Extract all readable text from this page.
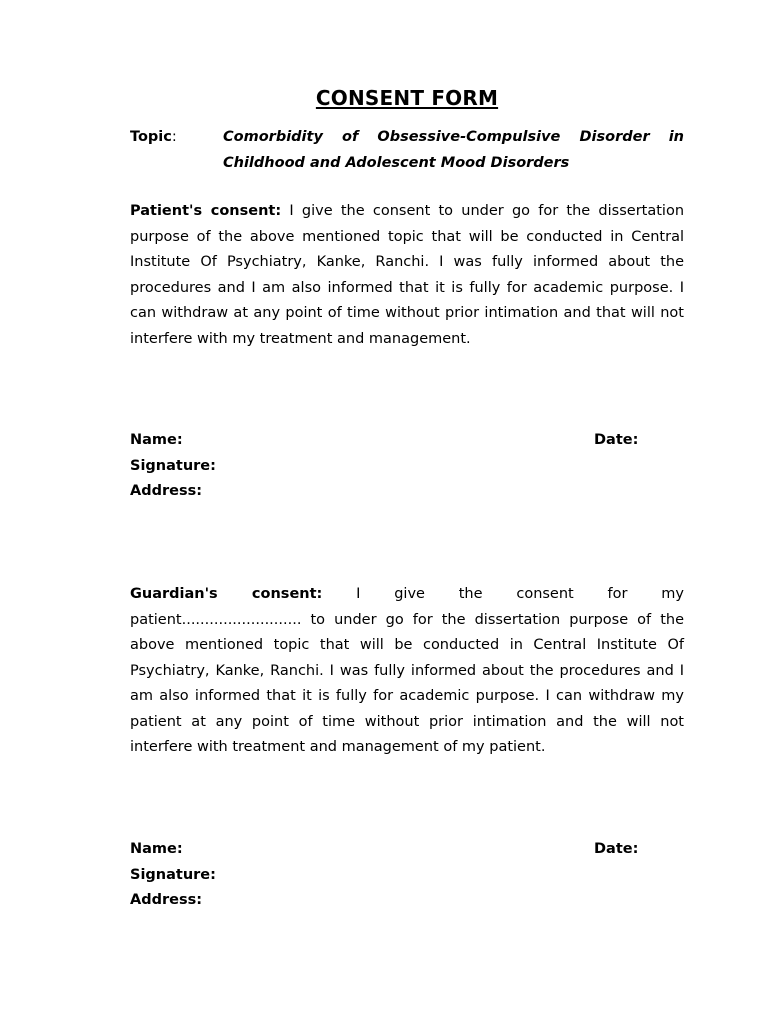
CONSENT FORM
Topic:	Comorbidity of Obsessive-Compulsive Disorder in
Childhood and Adolescent Mood Disorders
Patient's consent: I give the consent to under go for the dissertation purpose of the above mentioned topic that will be conducted in Central Institute Of Psychiatry, Kanke, Ranchi. I was fully informed about the procedures and I am also informed that it is fully for academic purpose. I can withdraw at any point of time without prior intimation and that will not interfere with my treatment and management.
Name:	Date:
Signature:
Address:
Guardian's consent: I give the consent for my
patient.......................... to under go for the dissertation purpose of the above mentioned topic that will be conducted in Central Institute Of Psychiatry, Kanke, Ranchi. I was fully informed about the procedures and I am also informed that it is fully for academic purpose. I can withdraw my patient at any point of time without prior intimation and the will not interfere with treatment and management of my patient.
Name:	Date:
Signature:
Address:
